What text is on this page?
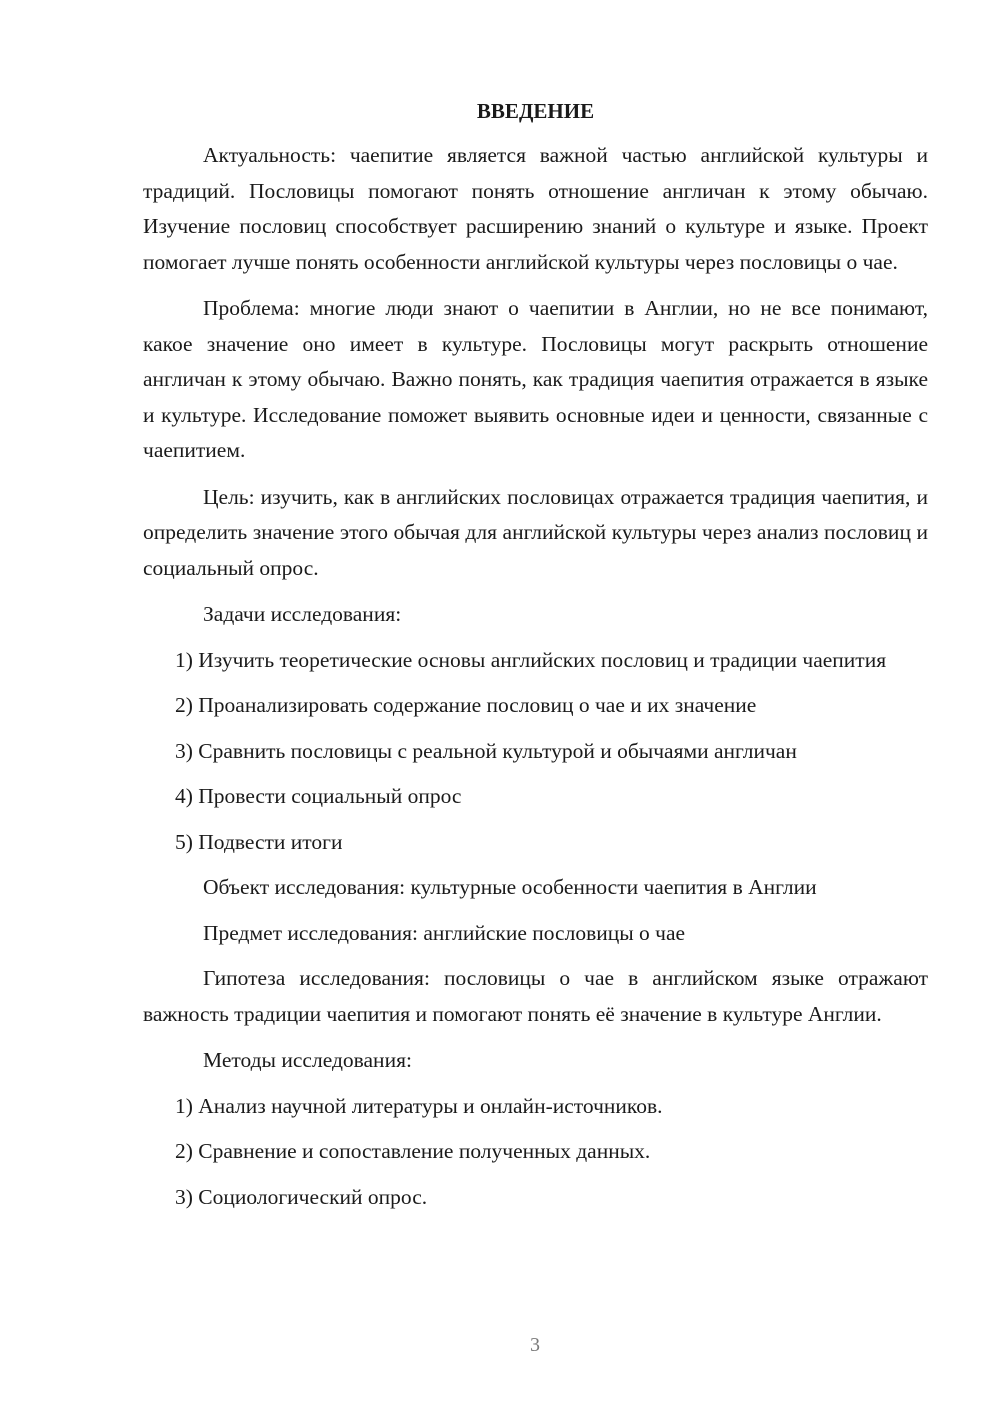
ВВЕДЕНИЕ
Актуальность: чаепитие является важной частью английской культуры и традиций. Пословицы помогают понять отношение англичан к этому обычаю. Изучение пословиц способствует расширению знаний о культуре и языке. Проект помогает лучше понять особенности английской культуры через пословицы о чае.
Проблема: многие люди знают о чаепитии в Англии, но не все понимают, какое значение оно имеет в культуре. Пословицы могут раскрыть отношение англичан к этому обычаю. Важно понять, как традиция чаепития отражается в языке и культуре. Исследование поможет выявить основные идеи и ценности, связанные с чаепитием.
Цель: изучить, как в английских пословицах отражается традиция чаепития, и определить значение этого обычая для английской культуры через анализ пословиц и социальный опрос.
Задачи исследования:
1) Изучить теоретические основы английских пословиц и традиции чаепития
2) Проанализировать содержание пословиц о чае и их значение
3) Сравнить пословицы с реальной культурой и обычаями англичан
4) Провести социальный опрос
5) Подвести итоги
Объект исследования: культурные особенности чаепития в Англии
Предмет исследования: английские пословицы о чае
Гипотеза исследования: пословицы о чае в английском языке отражают важность традиции чаепития и помогают понять её значение в культуре Англии.
Методы исследования:
1) Анализ научной литературы и онлайн-источников.
2) Сравнение и сопоставление полученных данных.
3) Социологический опрос.
3
